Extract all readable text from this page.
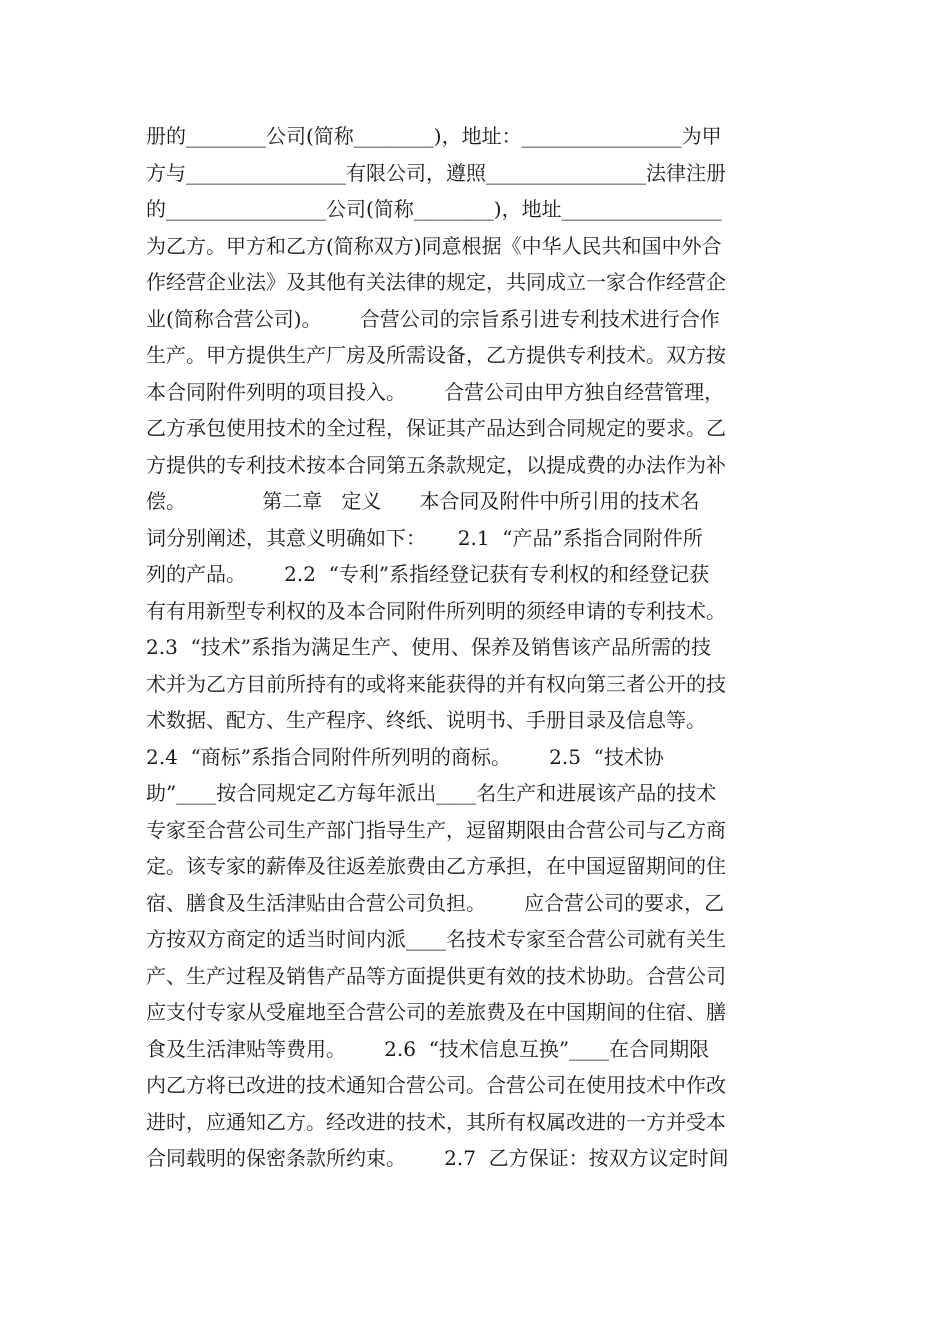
册的________公司(简称________)，地址：________________为甲
方与________________有限公司，遵照________________法律注册
的________________公司(简称________)，地址________________
为乙方。甲方和乙方(简称双方)同意根据《中华人民共和国中外合
作经营企业法》及其他有关法律的规定，共同成立一家合作经营企
业(简称合营公司)。      合营公司的宗旨系引进专利技术进行合作
生产。甲方提供生产厂房及所需设备，乙方提供专利技术。双方按
本合同附件列明的项目投入。      合营公司由甲方独自经营管理，
乙方承包使用技术的全过程，保证其产品达到合同规定的要求。乙
方提供的专利技术按本合同第五条款规定，以提成费的办法作为补
偿。            第二章   定义      本合同及附件中所引用的技术名
词分别阐述，其意义明确如下：     2.1  “产品”系指合同附件所
列的产品。      2.2  “专利”系指经登记获有专利权的和经登记获
有有用新型专利权的及本合同附件所列明的须经申请的专利技术。
2.3  “技术”系指为满足生产、使用、保养及销售该产品所需的技
术并为乙方目前所持有的或将来能获得的并有权向第三者公开的技
术数据、配方、生产程序、终纸、说明书、手册目录及信息等。
2.4  “商标”系指合同附件所列明的商标。      2.5  “技术协
助”____按合同规定乙方每年派出____名生产和进展该产品的技术
专家至合营公司生产部门指导生产，逗留期限由合营公司与乙方商
定。该专家的薪俸及往返差旅费由乙方承担，在中国逗留期间的住
宿、膳食及生活津贴由合营公司负担。      应合营公司的要求，乙
方按双方商定的适当时间内派____名技术专家至合营公司就有关生
产、生产过程及销售产品等方面提供更有效的技术协助。合营公司
应支付专家从受雇地至合营公司的差旅费及在中国期间的住宿、膳
食及生活津贴等费用。      2.6  “技术信息互换”____在合同期限
内乙方将已改进的技术通知合营公司。合营公司在使用技术中作改
进时，应通知乙方。经改进的技术，其所有权属改进的一方并受本
合同载明的保密条款所约束。      2.7  乙方保证：按双方议定时间
